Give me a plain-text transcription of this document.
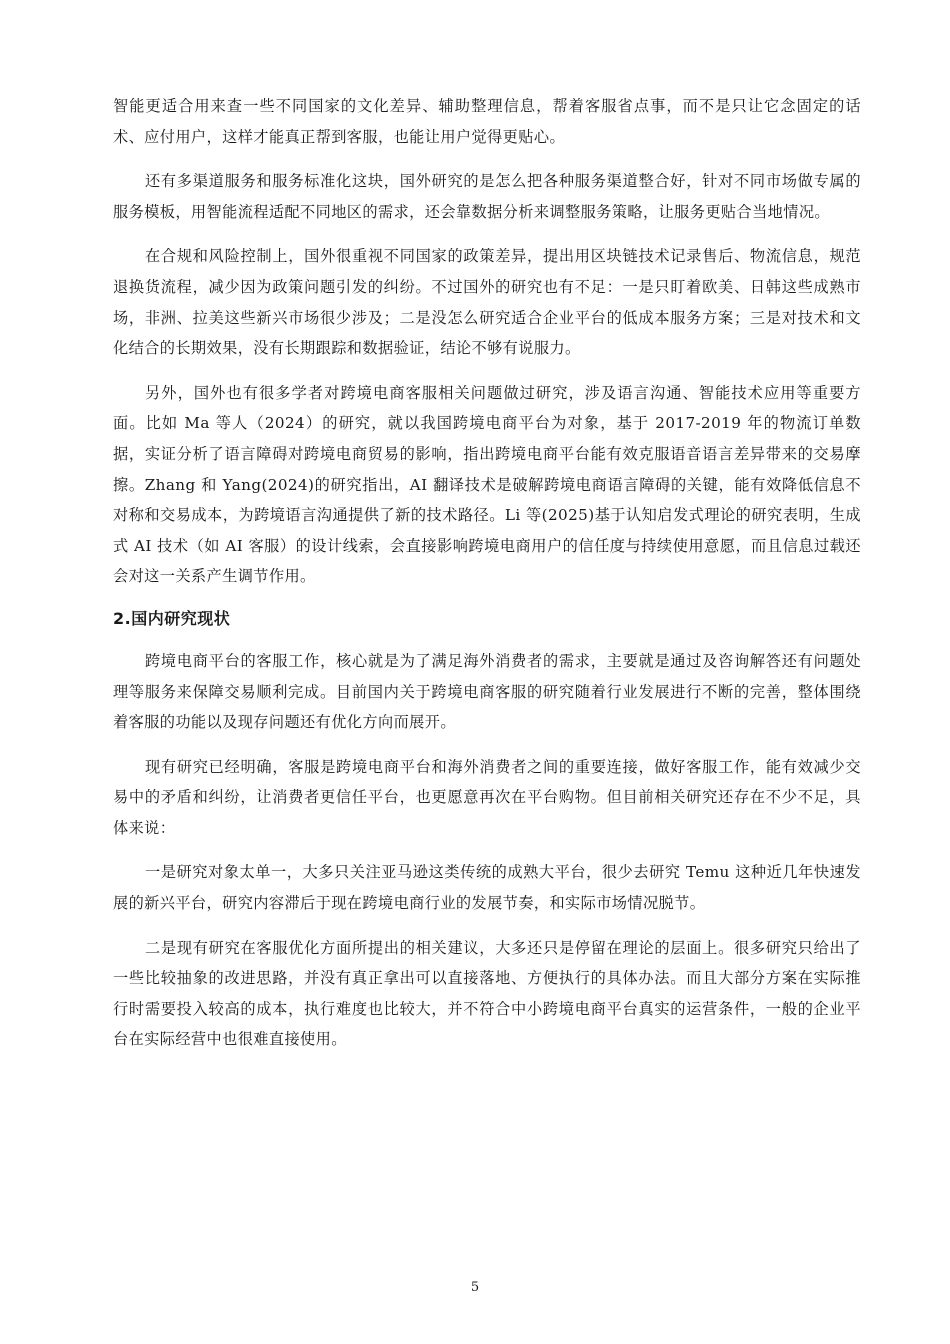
智能更适合用来查一些不同国家的文化差异、辅助整理信息，帮着客服省点事，而不是只让它念固定的话术、应付用户，这样才能真正帮到客服，也能让用户觉得更贴心。

还有多渠道服务和服务标准化这块，国外研究的是怎么把各种服务渠道整合好，针对不同市场做专属的服务模板，用智能流程适配不同地区的需求，还会靠数据分析来调整服务策略，让服务更贴合当地情况。

在合规和风险控制上，国外很重视不同国家的政策差异，提出用区块链技术记录售后、物流信息，规范退换货流程，减少因为政策问题引发的纠纷。不过国外的研究也有不足：一是只盯着欧美、日韩这些成熟市场，非洲、拉美这些新兴市场很少涉及；二是没怎么研究适合企业平台的低成本服务方案；三是对技术和文化结合的长期效果，没有长期跟踪和数据验证，结论不够有说服力。

另外，国外也有很多学者对跨境电商客服相关问题做过研究，涉及语言沟通、智能技术应用等重要方面。比如 Ma 等人（2024）的研究，就以我国跨境电商平台为对象，基于 2017-2019 年的物流订单数据，实证分析了语言障碍对跨境电商贸易的影响，指出跨境电商平台能有效克服语音语言差异带来的交易摩擦。Zhang 和 Yang(2024)的研究指出，AI 翻译技术是破解跨境电商语言障碍的关键，能有效降低信息不对称和交易成本，为跨境语言沟通提供了新的技术路径。Li 等(2025)基于认知启发式理论的研究表明，生成式 AI 技术（如 AI 客服）的设计线索，会直接影响跨境电商用户的信任度与持续使用意愿，而且信息过载还会对这一关系产生调节作用。

2.国内研究现状

跨境电商平台的客服工作，核心就是为了满足海外消费者的需求，主要就是通过及咨询解答还有问题处理等服务来保障交易顺利完成。目前国内关于跨境电商客服的研究随着行业发展进行不断的完善，整体围绕着客服的功能以及现存问题还有优化方向而展开。

现有研究已经明确，客服是跨境电商平台和海外消费者之间的重要连接，做好客服工作，能有效减少交易中的矛盾和纠纷，让消费者更信任平台，也更愿意再次在平台购物。但目前相关研究还存在不少不足，具体来说：

一是研究对象太单一，大多只关注亚马逊这类传统的成熟大平台，很少去研究 Temu 这种近几年快速发展的新兴平台，研究内容滞后于现在跨境电商行业的发展节奏，和实际市场情况脱节。

二是现有研究在客服优化方面所提出的相关建议，大多还只是停留在理论的层面上。很多研究只给出了一些比较抽象的改进思路，并没有真正拿出可以直接落地、方便执行的具体办法。而且大部分方案在实际推行时需要投入较高的成本，执行难度也比较大，并不符合中小跨境电商平台真实的运营条件，一般的企业平台在实际经营中也很难直接使用。

5
